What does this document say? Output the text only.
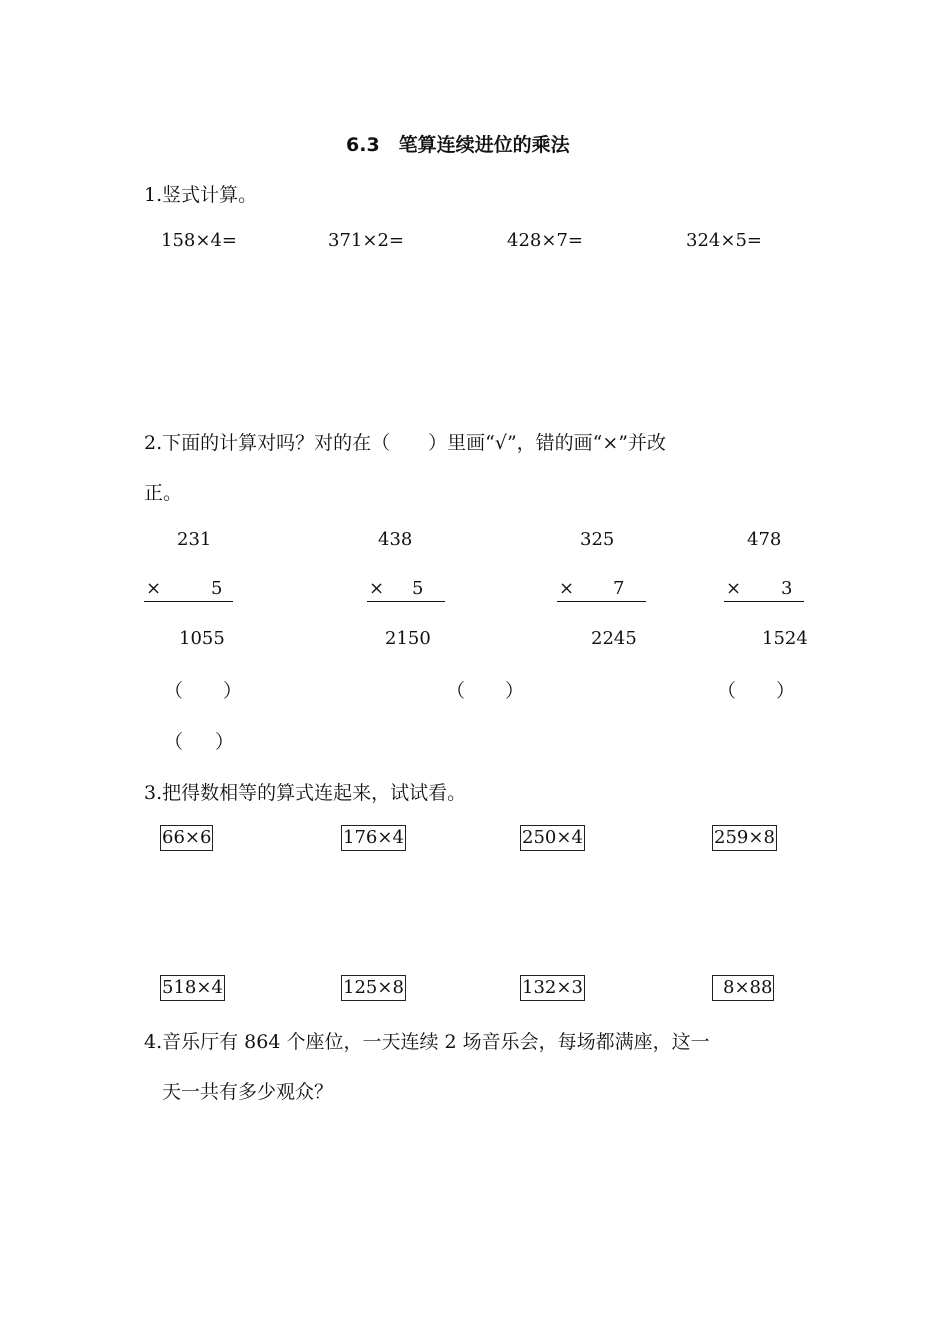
6.3　笔算连续进位的乘法
1.竖式计算。
158×4=	371×2=	428×7=	324×5=
2.下面的计算对吗？对的在（　　）里画“√”，错的画“×”并改
正。
231
×	5
1055
438
× 5
2150
325
× 7
2245
478
× 3
1524
（ ）	（ ）	（ ）
（ ）
3.把得数相等的算式连起来，试试看。
66×6	176×4	250×4	259×8
518×4	125×8	132×3	8×88
4.音乐厅有 864 个座位，一天连续 2 场音乐会，每场都满座，这一
天一共有多少观众？
